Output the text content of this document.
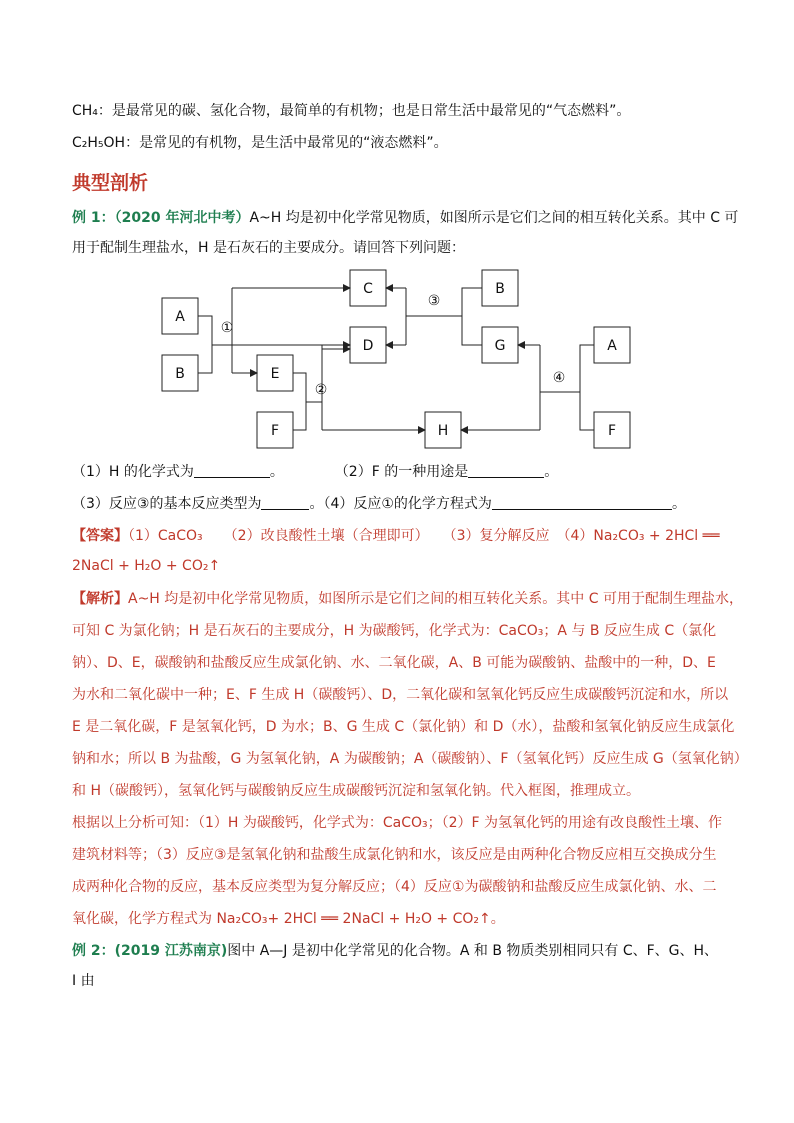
CH₄：是最常见的碳、氢化合物，最简单的有机物；也是日常生活中最常见的“气态燃料”。
C₂H₅OH：是常见的有机物，是生活中最常见的“液态燃料”。
典型剖析
例 1：（2020 年河北中考）A~H 均是初中化学常见物质，如图所示是它们之间的相互转化关系。其中 C 可
用于配制生理盐水，H 是石灰石的主要成分。请回答下列问题：
A
B
C
D
E
F	H
B
G	A
F
①
②
③
④
（1）H 的化学式为	。	（2）F 的一种用途是	。
（3）反应③的基本反应类型为	。（4）反应①的化学方程式为	。
【答案】（1）CaCO₃　　（2）改良酸性土壤（合理即可）　　（3）复分解反应　（4）Na₂CO₃ + 2HCl ══
2NaCl + H₂O + CO₂↑
【解析】A~H 均是初中化学常见物质，如图所示是它们之间的相互转化关系。其中 C 可用于配制生理盐水，
可知 C 为氯化钠；H 是石灰石的主要成分，H 为碳酸钙，化学式为：CaCO₃；A 与 B 反应生成 C（氯化
钠）、D、E，碳酸钠和盐酸反应生成氯化钠、水、二氧化碳，A、B 可能为碳酸钠、盐酸中的一种，D、E
为水和二氧化碳中一种；E、F 生成 H（碳酸钙）、D，二氧化碳和氢氧化钙反应生成碳酸钙沉淀和水，所以
E 是二氧化碳，F 是氢氧化钙，D 为水；B、G 生成 C（氯化钠）和 D（水），盐酸和氢氧化钠反应生成氯化
钠和水；所以 B 为盐酸，G 为氢氧化钠，A 为碳酸钠；A（碳酸钠）、F（氢氧化钙）反应生成 G（氢氧化钠）
和 H（碳酸钙），氢氧化钙与碳酸钠反应生成碳酸钙沉淀和氢氧化钠。代入框图，推理成立。
根据以上分析可知：（1）H 为碳酸钙，化学式为：CaCO₃；（2）F 为氢氧化钙的用途有改良酸性土壤、作
建筑材料等；（3）反应③是氢氧化钠和盐酸生成氯化钠和水，该反应是由两种化合物反应相互交换成分生
成两种化合物的反应，基本反应类型为复分解反应；（4）反应①为碳酸钠和盐酸反应生成氯化钠、水、二
氧化碳，化学方程式为 Na₂CO₃+ 2HCl ══ 2NaCl + H₂O + CO₂↑。
例 2：(2019 江苏南京)图中 A—J 是初中化学常见的化合物。A 和 B 物质类别相同只有 C、F、G、H、
I 由
